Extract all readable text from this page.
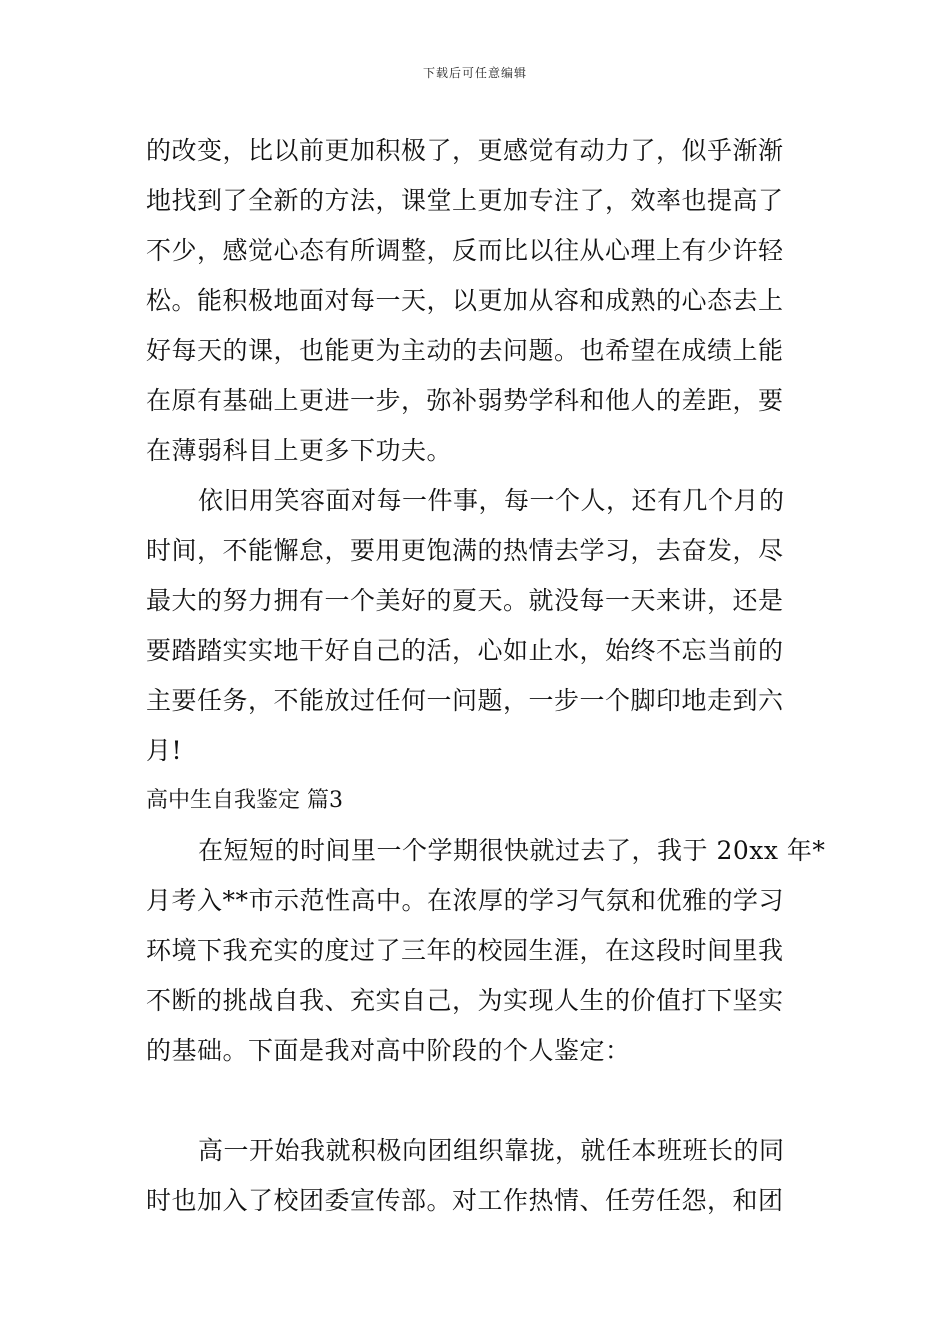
下载后可任意编辑
的改变，比以前更加积极了，更感觉有动力了，似乎渐渐
地找到了全新的方法，课堂上更加专注了，效率也提高了
不少，感觉心态有所调整，反而比以往从心理上有少许轻
松。能积极地面对每一天，以更加从容和成熟的心态去上
好每天的课，也能更为主动的去问题。也希望在成绩上能
在原有基础上更进一步，弥补弱势学科和他人的差距，要
在薄弱科目上更多下功夫。
依旧用笑容面对每一件事，每一个人，还有几个月的
时间，不能懈怠，要用更饱满的热情去学习，去奋发，尽
最大的努力拥有一个美好的夏天。就没每一天来讲，还是
要踏踏实实地干好自己的活，心如止水，始终不忘当前的
主要任务，不能放过任何一问题，一步一个脚印地走到六
月!
高中生自我鉴定 篇3
在短短的时间里一个学期很快就过去了，我于 20xx 年*
月考入**市示范性高中。在浓厚的学习气氛和优雅的学习
环境下我充实的度过了三年的校园生涯，在这段时间里我
不断的挑战自我、充实自己，为实现人生的价值打下坚实
的基础。下面是我对高中阶段的个人鉴定：
高一开始我就积极向团组织靠拢，就任本班班长的同
时也加入了校团委宣传部。对工作热情、任劳任怨，和团
